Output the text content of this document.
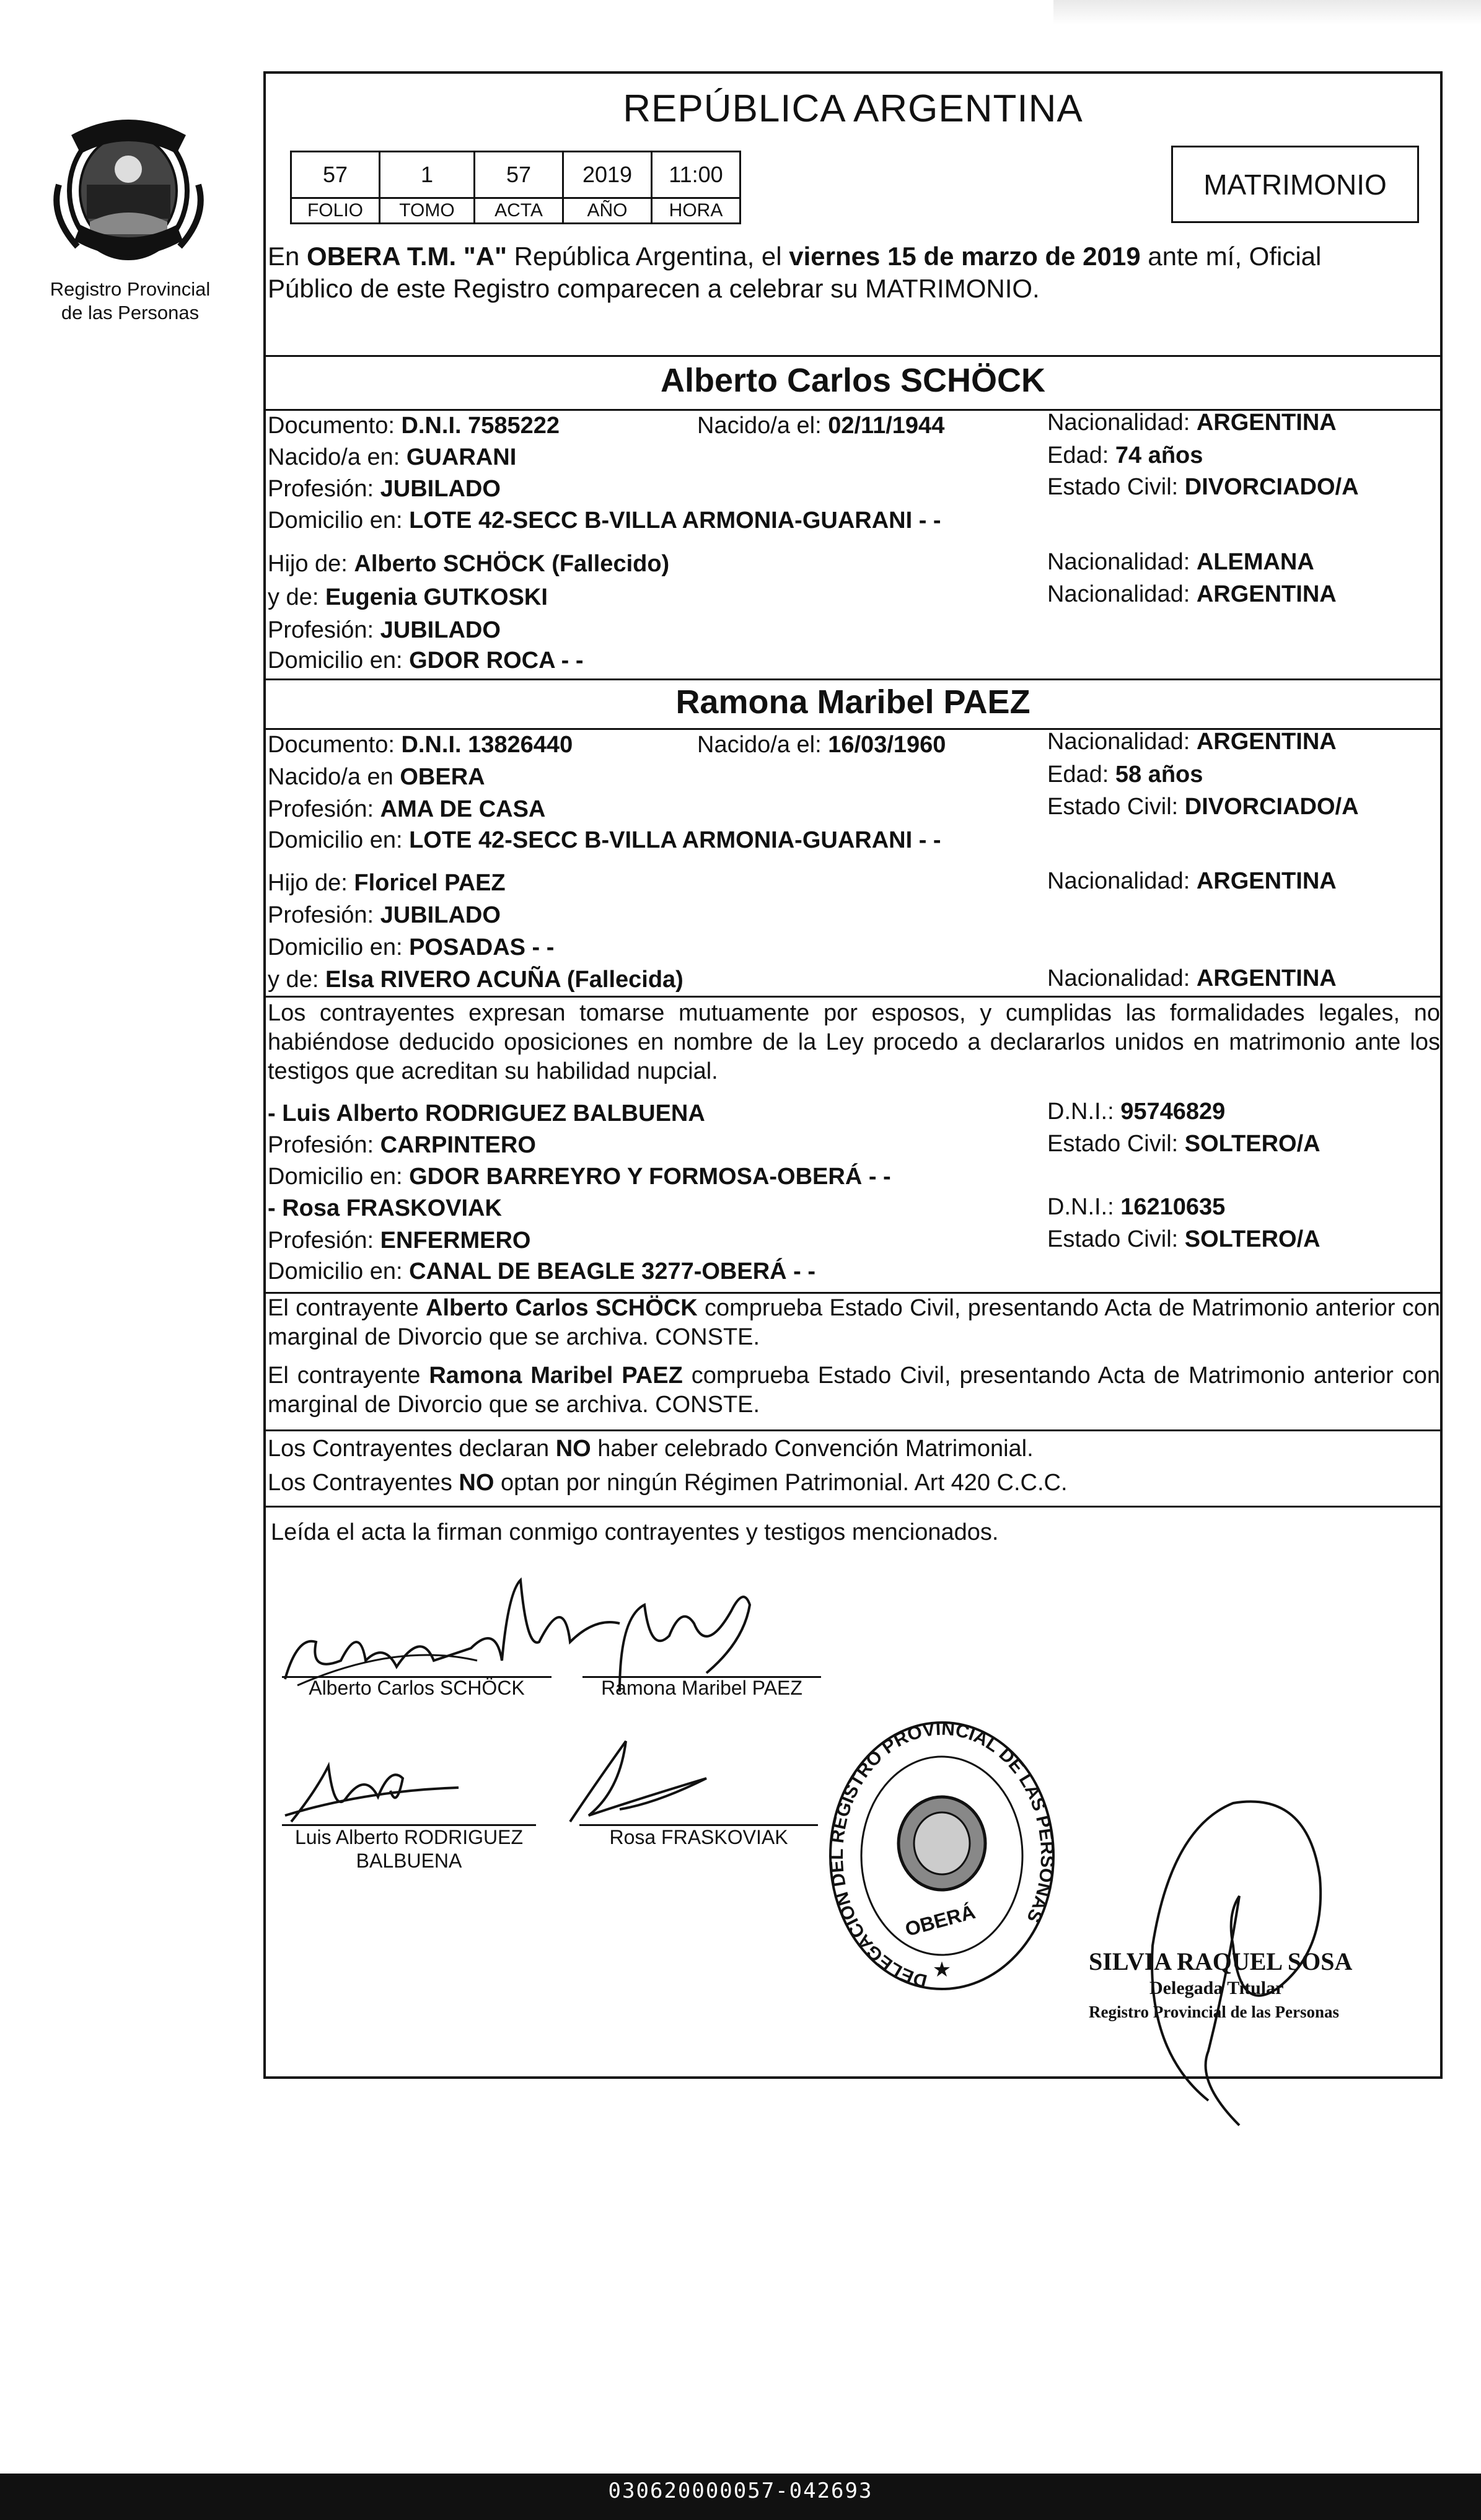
Registro Provincial
de las Personas
REPÚBLICA ARGENTINA
57	1	57	2019	11:00
FOLIO	TOMO	ACTA	AÑO	HORA
MATRIMONIO
En OBERA T.M. "A" República Argentina, el viernes 15 de marzo de 2019 ante mí, Oficial
Público de este Registro comparecen a celebrar su MATRIMONIO.
Alberto Carlos SCHÖCK
Documento: D.N.I. 7585222	Nacido/a el: 02/11/1944	Nacionalidad: ARGENTINA
Nacido/a en: GUARANI	Edad: 74 años
Profesión: JUBILADO	Estado Civil: DIVORCIADO/A
Domicilio en: LOTE 42-SECC B-VILLA ARMONIA-GUARANI - -
Hijo de: Alberto SCHÖCK (Fallecido)	Nacionalidad: ALEMANA
y de: Eugenia GUTKOSKI	Nacionalidad: ARGENTINA
Profesión: JUBILADO
Domicilio en: GDOR ROCA - -
Ramona Maribel PAEZ
Documento: D.N.I. 13826440	Nacido/a el: 16/03/1960	Nacionalidad: ARGENTINA
Nacido/a en OBERA	Edad: 58 años
Profesión: AMA DE CASA	Estado Civil: DIVORCIADO/A
Domicilio en: LOTE 42-SECC B-VILLA ARMONIA-GUARANI - -
Hijo de: Floricel PAEZ	Nacionalidad: ARGENTINA
Profesión: JUBILADO
Domicilio en: POSADAS - -
y de: Elsa RIVERO ACUÑA (Fallecida)	Nacionalidad: ARGENTINA
Los contrayentes expresan tomarse mutuamente por esposos, y cumplidas las formalidades legales, no habiéndose deducido oposiciones en nombre de la Ley procedo a declararlos unidos en matrimonio ante los testigos que acreditan su habilidad nupcial.
- Luis Alberto RODRIGUEZ BALBUENA	D.N.I.: 95746829
Profesión: CARPINTERO	Estado Civil: SOLTERO/A
Domicilio en: GDOR BARREYRO Y FORMOSA-OBERÁ - -
- Rosa FRASKOVIAK	D.N.I.: 16210635
Profesión: ENFERMERO	Estado Civil: SOLTERO/A
Domicilio en: CANAL DE BEAGLE 3277-OBERÁ - -
El contrayente Alberto Carlos SCHÖCK comprueba Estado Civil, presentando Acta de Matrimonio anterior con marginal de Divorcio que se archiva. CONSTE.
El contrayente Ramona Maribel PAEZ comprueba Estado Civil, presentando Acta de Matrimonio anterior con marginal de Divorcio que se archiva. CONSTE.
Los Contrayentes declaran NO haber celebrado Convención Matrimonial.
Los Contrayentes NO optan por ningún Régimen Patrimonial. Art 420 C.C.C.
Leída el acta la firman conmigo contrayentes y testigos mencionados.
Alberto Carlos SCHÖCK	Ramona Maribel PAEZ
Luis Alberto RODRIGUEZ
BALBUENA
Rosa FRASKOVIAK
DELEGACION DEL REGISTRO PROVINCIAL DE LAS PERSONAS
OBERÁ
★	SILVIA RAQUEL SOSA
Delegada Titular
Registro Provincial de las Personas
030620000057-042693
